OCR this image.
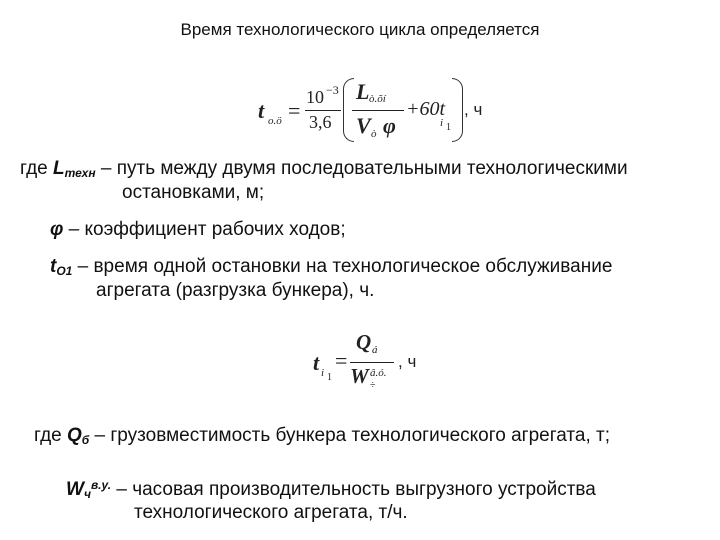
Время технологического цикла определяется
t о.ö =
10 −3
3,6
L ò.õí
V ò φ
+60t
i 1
, ч
где Lтехн – путь между двумя последовательными технологическими
остановками, м;
φ – коэффициент рабочих ходов;
tО1 – время одной остановки на технологическое обслуживание
агрегата (разгрузка бункера), ч.
t i 1
=
Q á
W â.ó.
÷
, ч
где Qб – грузовместимость бункера технологического агрегата, т;
$Wч^{в.у.}$ – часовая производительность выгрузного устройства
технологического агрегата, т/ч.
